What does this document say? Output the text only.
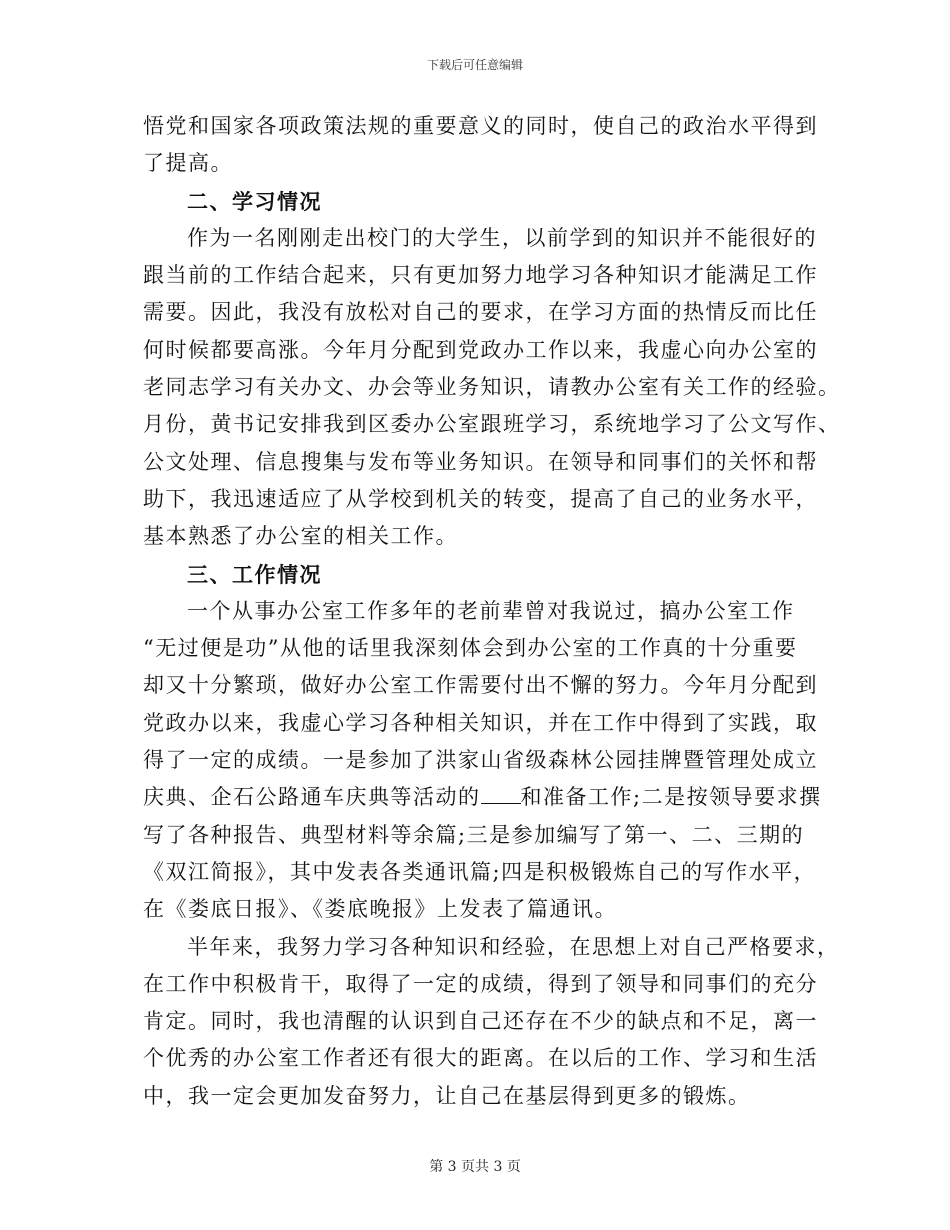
下载后可任意编辑
悟党和国家各项政策法规的重要意义的同时，使自己的政治水平得到
了提高。
二、学习情况
作为一名刚刚走出校门的大学生，以前学到的知识并不能很好的
跟当前的工作结合起来，只有更加努力地学习各种知识才能满足工作
需要。因此，我没有放松对自己的要求，在学习方面的热情反而比任
何时候都要高涨。今年月分配到党政办工作以来，我虚心向办公室的
老同志学习有关办文、办会等业务知识，请教办公室有关工作的经验。
月份，黄书记安排我到区委办公室跟班学习，系统地学习了公文写作、
公文处理、信息搜集与发布等业务知识。在领导和同事们的关怀和帮
助下，我迅速适应了从学校到机关的转变，提高了自己的业务水平，
基本熟悉了办公室的相关工作。
三、工作情况
一个从事办公室工作多年的老前辈曾对我说过，搞办公室工作
“无过便是功”从他的话里我深刻体会到办公室的工作真的十分重要
却又十分繁琐，做好办公室工作需要付出不懈的努力。今年月分配到
党政办以来，我虚心学习各种相关知识，并在工作中得到了实践，取
得了一定的成绩。一是参加了洪家山省级森林公园挂牌暨管理处成立
庆典、企石公路通车庆典等活动的 和准备工作;二是按领导要求撰
写了各种报告、典型材料等余篇;三是参加编写了第一、二、三期的
《双江简报》，其中发表各类通讯篇;四是积极锻炼自己的写作水平，
在《娄底日报》、《娄底晚报》上发表了篇通讯。
半年来，我努力学习各种知识和经验，在思想上对自己严格要求，
在工作中积极肯干，取得了一定的成绩，得到了领导和同事们的充分
肯定。同时，我也清醒的认识到自己还存在不少的缺点和不足，离一
个优秀的办公室工作者还有很大的距离。在以后的工作、学习和生活
中，我一定会更加发奋努力，让自己在基层得到更多的锻炼。
第 3 页共 3 页
